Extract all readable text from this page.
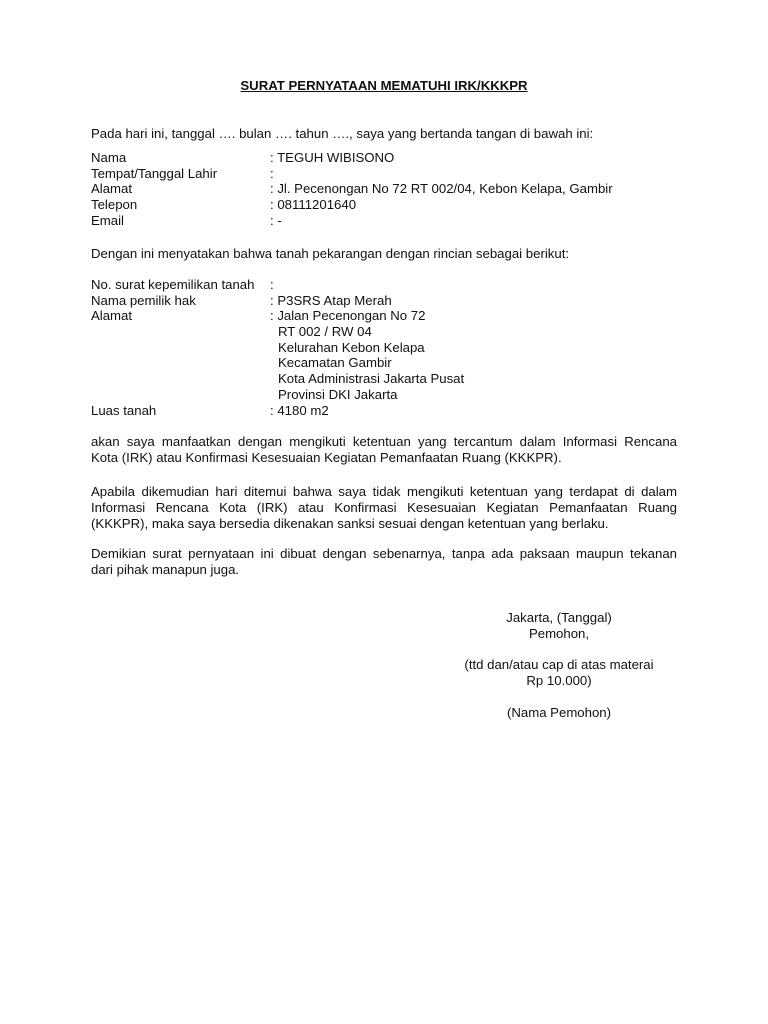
SURAT PERNYATAAN MEMATUHI IRK/KKKPR
Pada hari ini, tanggal …. bulan …. tahun …., saya yang bertanda tangan di bawah ini:
Nama	: TEGUH WIBISONO
Tempat/Tanggal Lahir	:
Alamat	: Jl. Pecenongan No 72 RT 002/04, Kebon Kelapa, Gambir
Telepon	: 08111201640
Email	: -
Dengan ini menyatakan bahwa tanah pekarangan dengan rincian sebagai berikut:
No. surat kepemilikan tanah	:
Nama pemilik hak	: P3SRS Atap Merah
Alamat	: Jalan Pecenongan No 72
RT 002 / RW 04
Kelurahan Kebon Kelapa
Kecamatan Gambir
Kota Administrasi Jakarta Pusat
Provinsi DKI Jakarta
Luas tanah	: 4180 m2
akan saya manfaatkan dengan mengikuti ketentuan yang tercantum dalam Informasi Rencana
Kota (IRK) atau Konfirmasi Kesesuaian Kegiatan Pemanfaatan Ruang (KKKPR).
Apabila dikemudian hari ditemui bahwa saya tidak mengikuti ketentuan yang terdapat di dalam
Informasi Rencana Kota (IRK) atau Konfirmasi Kesesuaian Kegiatan Pemanfaatan Ruang
(KKKPR), maka saya bersedia dikenakan sanksi sesuai dengan ketentuan yang berlaku.
Demikian surat pernyataan ini dibuat dengan sebenarnya, tanpa ada paksaan maupun tekanan
dari pihak manapun juga.
Jakarta, (Tanggal)
Pemohon,
(ttd dan/atau cap di atas materai
Rp 10.000)
(Nama Pemohon)
